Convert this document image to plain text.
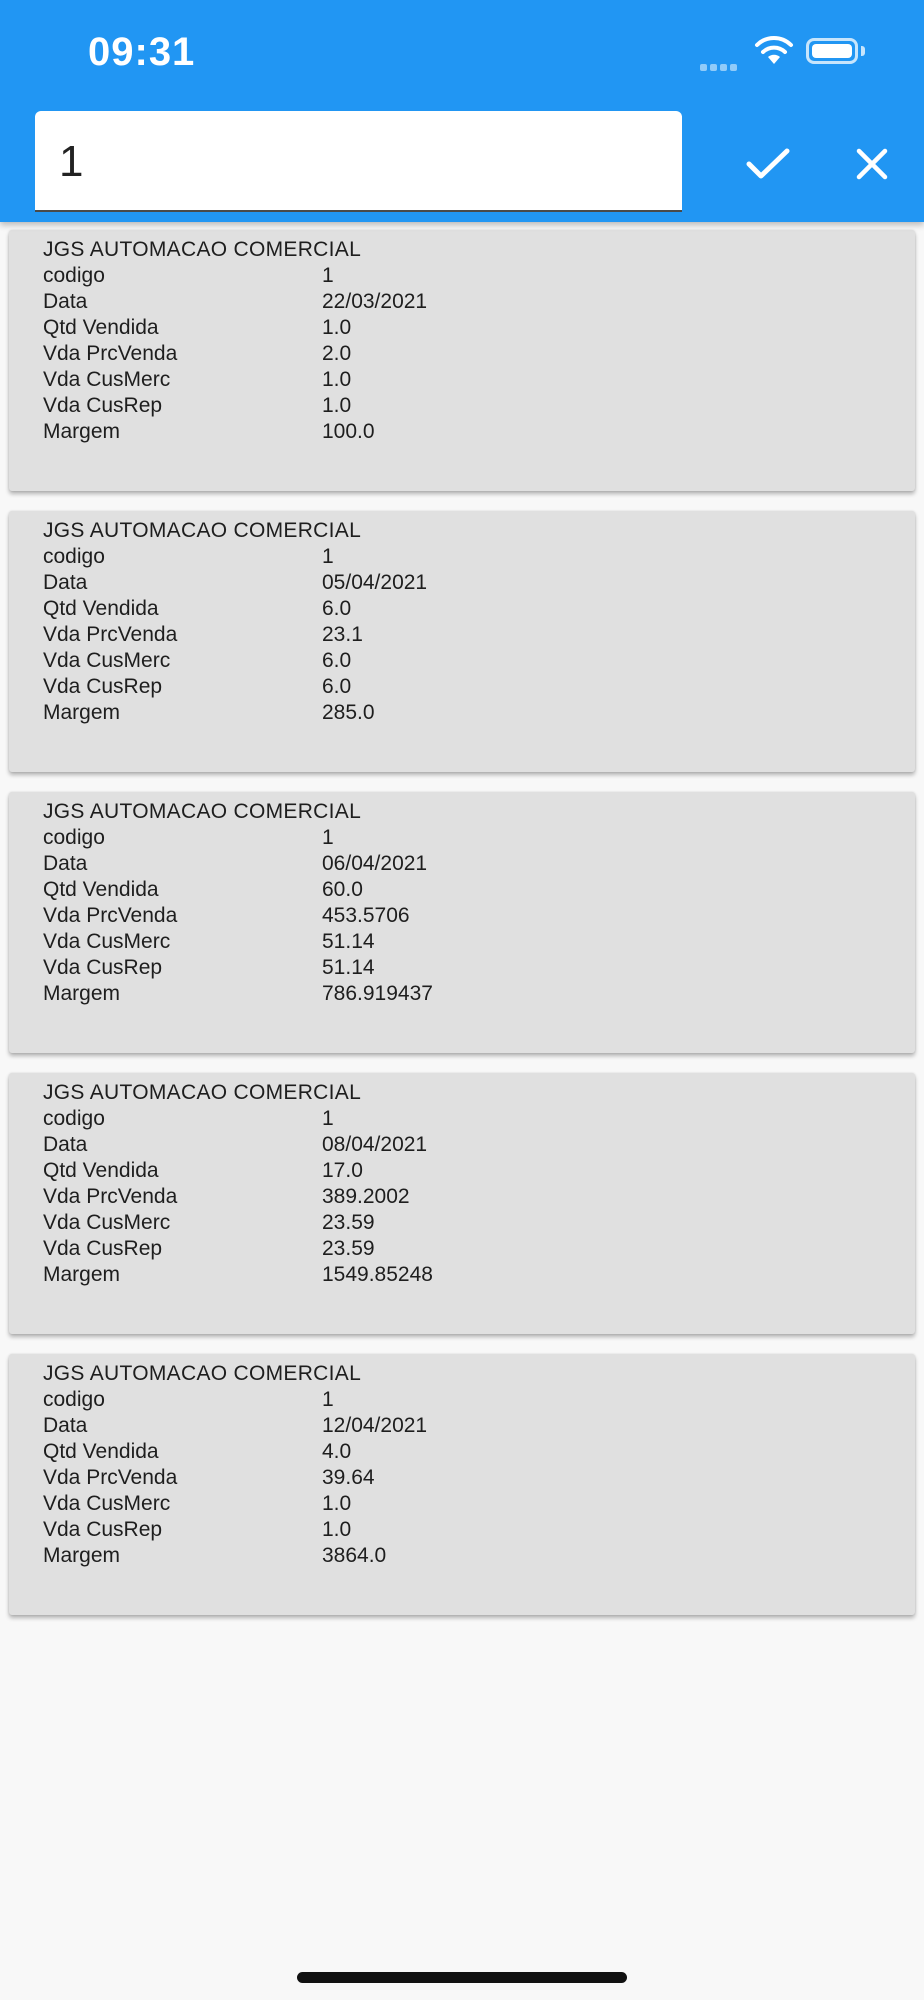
09:31
1
JGS AUTOMACAO COMERCIAL
codigo	1
Data	22/03/2021
Qtd Vendida	1.0
Vda PrcVenda	2.0
Vda CusMerc	1.0
Vda CusRep	1.0
Margem	100.0
JGS AUTOMACAO COMERCIAL
codigo	1
Data	05/04/2021
Qtd Vendida	6.0
Vda PrcVenda	23.1
Vda CusMerc	6.0
Vda CusRep	6.0
Margem	285.0
JGS AUTOMACAO COMERCIAL
codigo	1
Data	06/04/2021
Qtd Vendida	60.0
Vda PrcVenda	453.5706
Vda CusMerc	51.14
Vda CusRep	51.14
Margem	786.919437
JGS AUTOMACAO COMERCIAL
codigo	1
Data	08/04/2021
Qtd Vendida	17.0
Vda PrcVenda	389.2002
Vda CusMerc	23.59
Vda CusRep	23.59
Margem	1549.85248
JGS AUTOMACAO COMERCIAL
codigo	1
Data	12/04/2021
Qtd Vendida	4.0
Vda PrcVenda	39.64
Vda CusMerc	1.0
Vda CusRep	1.0
Margem	3864.0
